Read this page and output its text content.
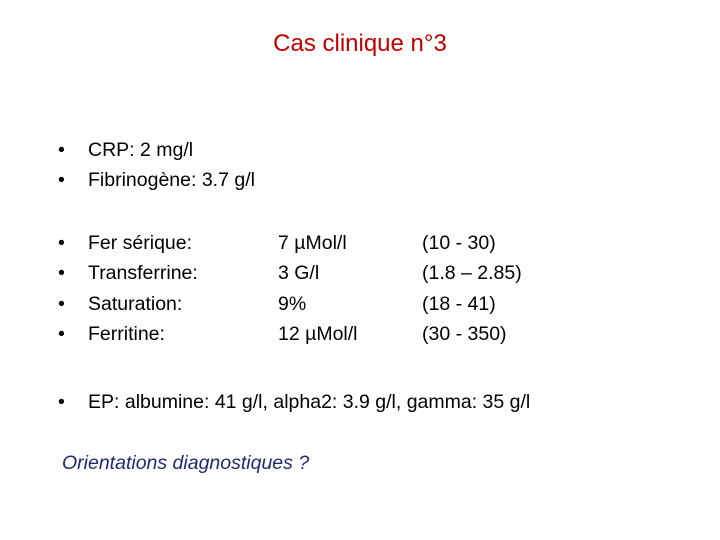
Cas clinique n°3
•	CRP: 2 mg/l
•	Fibrinogène: 3.7 g/l
•	Fer sérique:	7 µMol/l	(10 - 30)
•	Transferrine:	3 G/l	(1.8 – 2.85)
•	Saturation:	9%	(18 - 41)
•	Ferritine:	12 µMol/l	(30 - 350)
•	EP: albumine: 41 g/l, alpha2: 3.9 g/l, gamma: 35 g/l
Orientations diagnostiques ?
